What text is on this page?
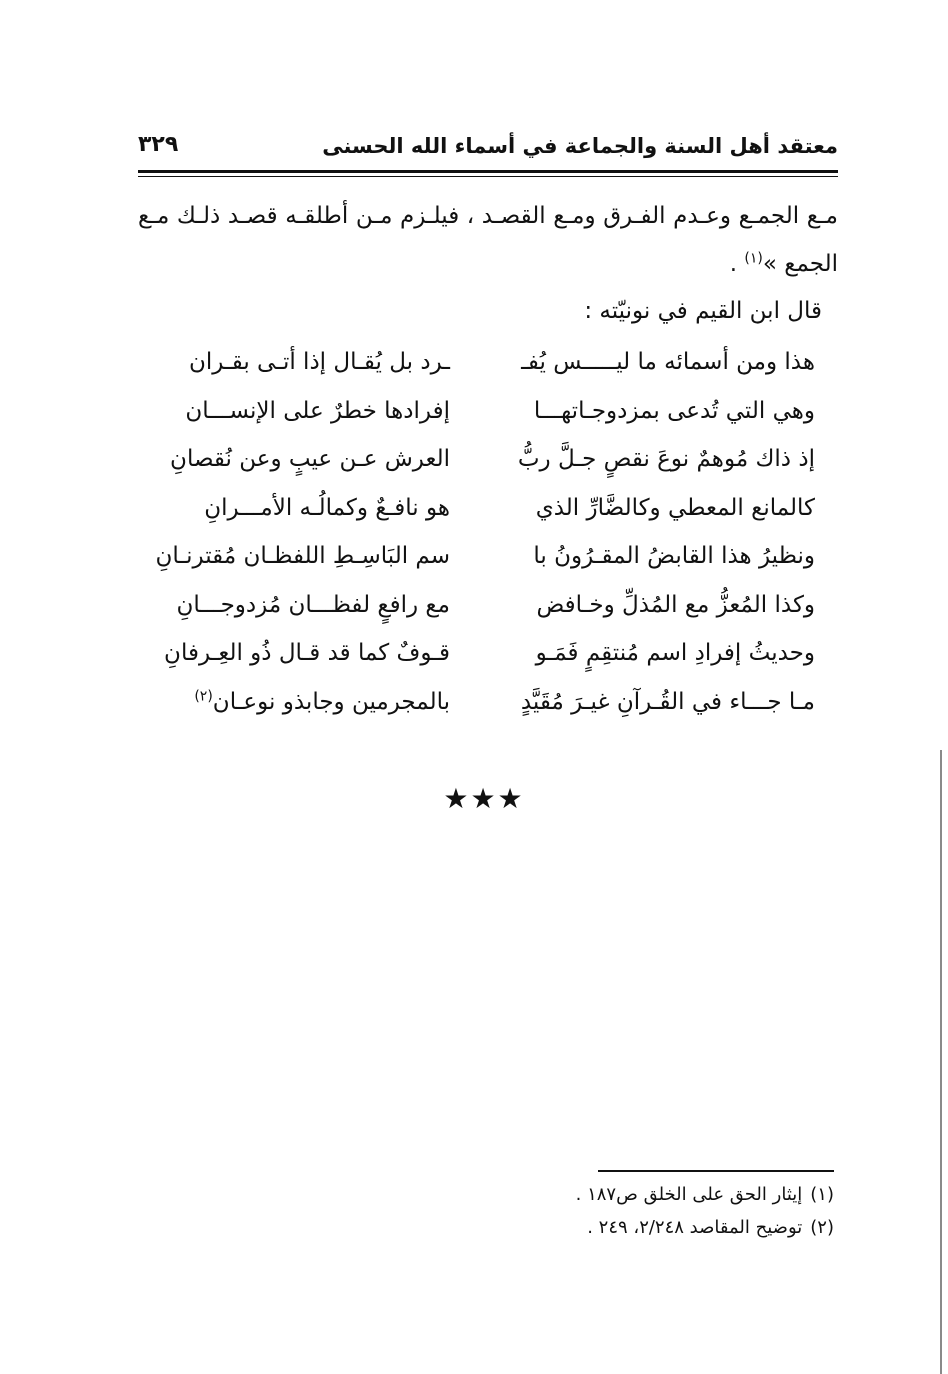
معتقد أهل السنة والجماعة في أسماء الله الحسنى
٣٢٩
مـع الجمـع وعـدم الفـرق ومـع القصـد ، فيلـزم مـن أطلقـه قصـد ذلـك مـع
الجمع »$^{(١)}$ .
قال ابن القيم في نونيّته :
هذا ومن أسمائه ما ليـــــس يُفـ
ـرد بل يُقـال إذا أتـى بقـران
وهي التي تُدعى بمزدوجـاتهـــا
إفرادها خطرٌ على الإنســـان
إذ ذاك مُوهمٌ نوعَ نقصٍ جـلَّ ربُّ
العرش عـن عيبٍ وعن نُقصانِ
كالمانع المعطي وكالضَّارِّ الذي
هو نافـعٌ وكمالُـه الأمـــرانِ
ونظيرُ هذا القابضُ المقـرُونُ با
سم البَاسِـطِ اللفظـان مُقترنـانِ
وكذا المُعزُّ مع المُذلِّ وخـافض
مع رافعٍ لفظـــان مُزدوجـــانِ
وحديثُ إفرادِ اسم مُنتقِمٍ فَمَـو
قـوفٌ كما قد قـال ذُو العِـرفانِ
مـا جـــاء في القُـرآنِ غيـرَ مُقَيَّدٍ
بالمجرمين وجابذو نوعـان$^{(٢)}$
★★★
(١)إيثار الحق على الخلق ص١٨٧ .
(٢)توضيح المقاصد ٢/٢٤٨، ٢٤٩ .
